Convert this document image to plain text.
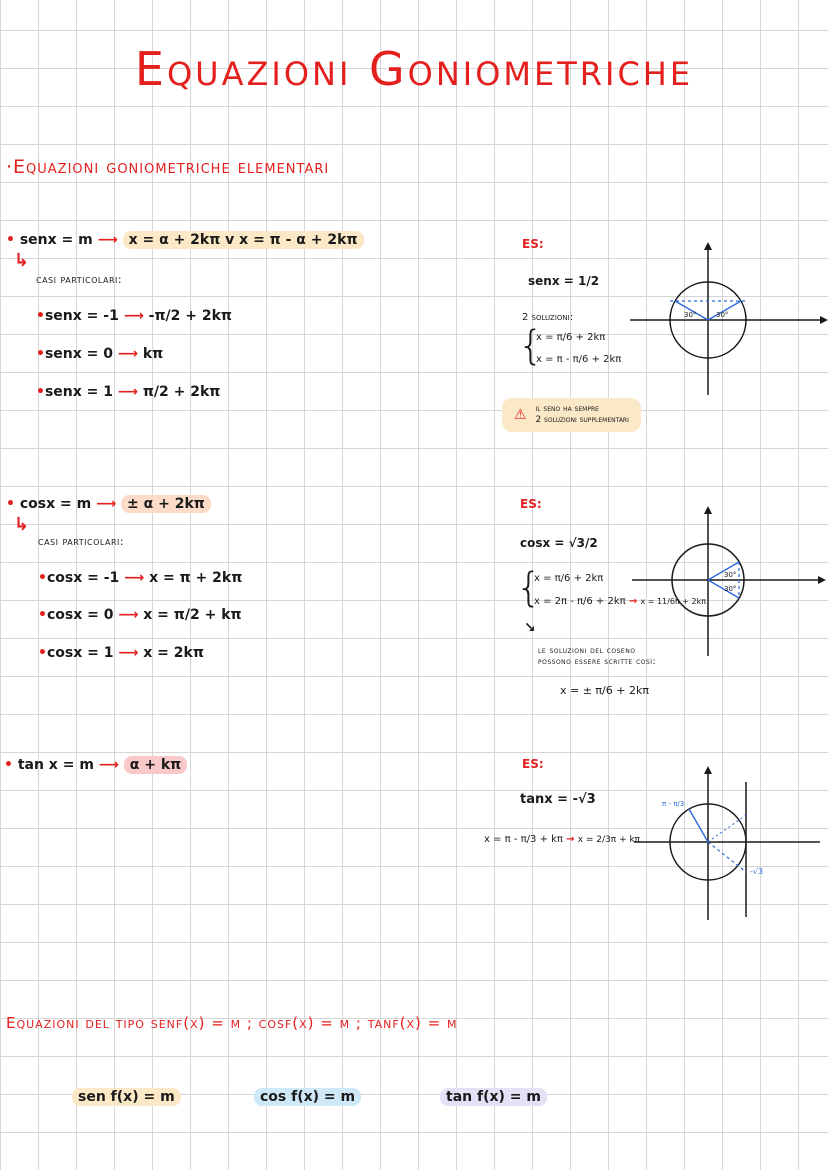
Equazioni Goniometriche
·Equazioni goniometriche elementari
• senx = m ⟶ x = α + 2kπ v x = π - α + 2kπ
↳
casi particolari:
•senx = -1 ⟶ -π/2 + 2kπ
•senx = 0 ⟶ kπ
•senx = 1 ⟶ π/2 + 2kπ
ES:
senx = 1/2
2 soluzioni:
{
x = π/6 + 2kπ
x = π - π/6 + 2kπ
30°
30°
⚠ il seno ha sempre
2 soluzioni supplementari
• cosx = m ⟶ ± α + 2kπ
↳
casi particolari:
•cosx = -1 ⟶ x = π + 2kπ
•cosx = 0 ⟶ x = π/2 + kπ
•cosx = 1 ⟶ x = 2kπ
ES:
cosx = √3/2
{
x = π/6 + 2kπ
x = 2π - π/6 + 2kπ → x = 11/6π + 2kπ
↘
le soluzioni del coseno
possono essere scritte così:
x = ± π/6 + 2kπ
30°
30°
• tan x = m ⟶ α + kπ	ES:
tanx = -√3
x = π - π/3 + kπ → x = 2/3π + kπ
π - π/3
-√3
Equazioni del tipo senf(x) = m ; cosf(x) = m ; tanf(x) = m
sen f(x) = m	cos f(x) = m	tan f(x) = m
